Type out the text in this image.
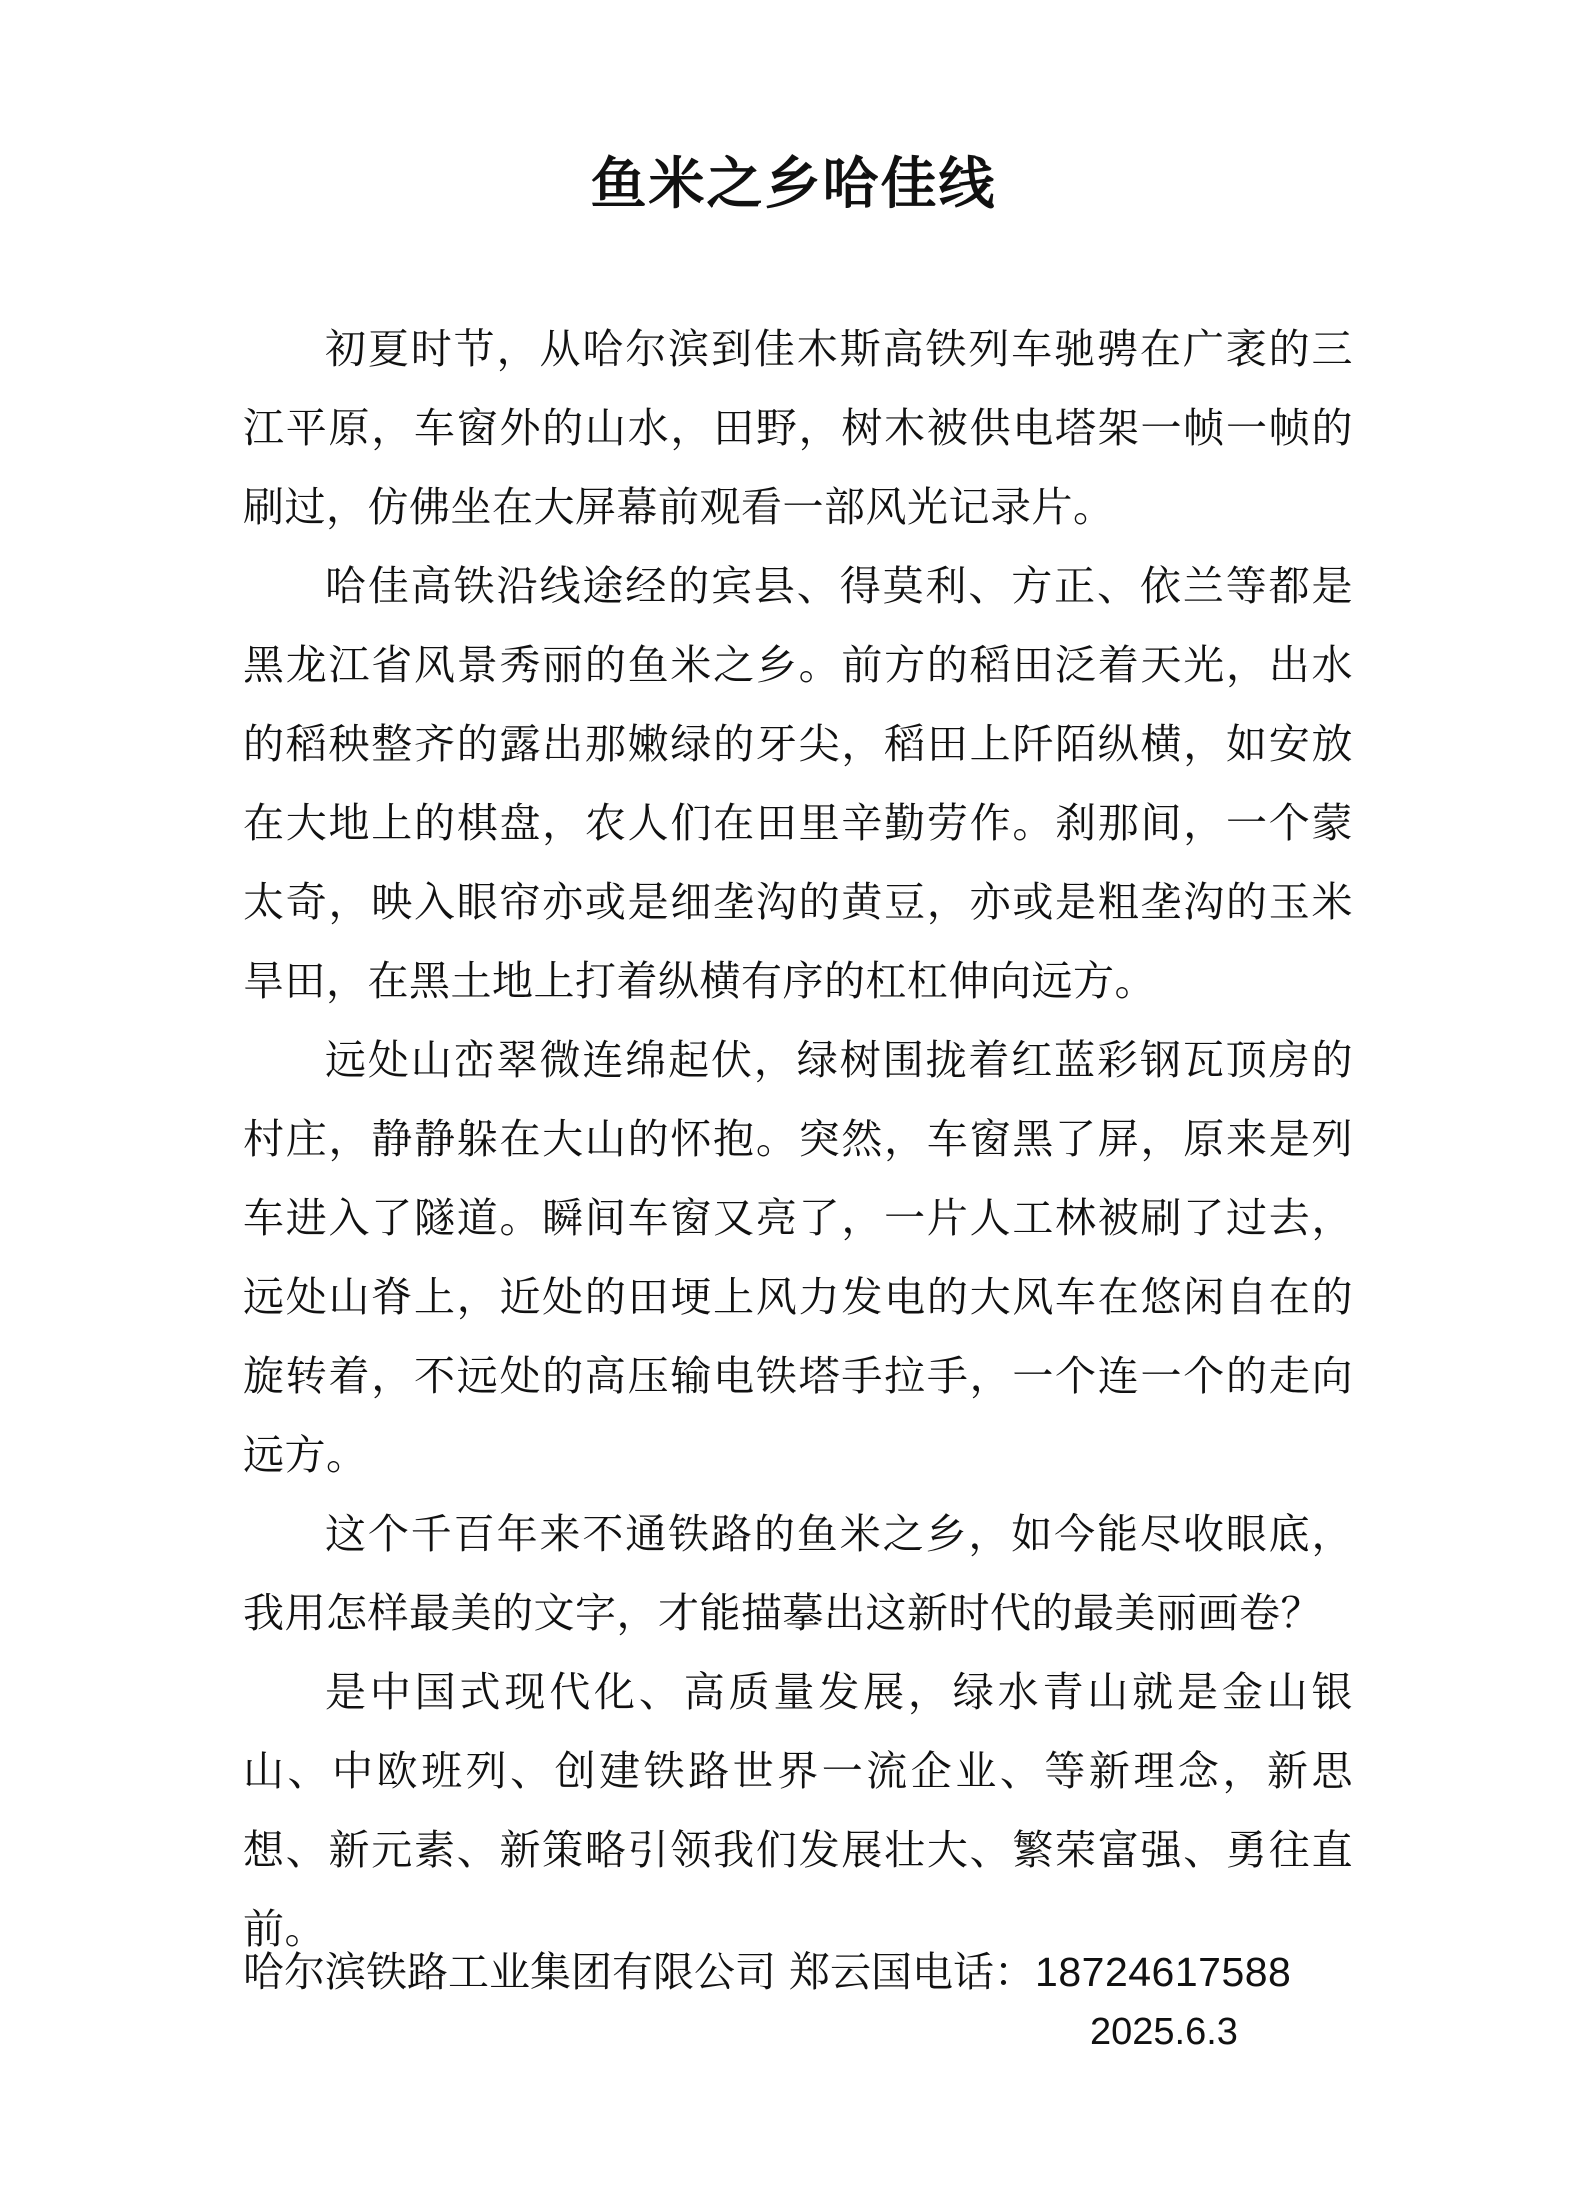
鱼米之乡哈佳线

初夏时节，从哈尔滨到佳木斯高铁列车驰骋在广袤的三江平原，车窗外的山水，田野，树木被供电塔架一帧一帧的刷过，仿佛坐在大屏幕前观看一部风光记录片。

哈佳高铁沿线途经的宾县、得莫利、方正、依兰等都是黑龙江省风景秀丽的鱼米之乡。前方的稻田泛着天光，出水的稻秧整齐的露出那嫩绿的牙尖，稻田上阡陌纵横，如安放在大地上的棋盘，农人们在田里辛勤劳作。刹那间，一个蒙太奇，映入眼帘亦或是细垄沟的黄豆，亦或是粗垄沟的玉米旱田，在黑土地上打着纵横有序的杠杠伸向远方。

远处山峦翠微连绵起伏，绿树围拢着红蓝彩钢瓦顶房的村庄，静静躲在大山的怀抱。突然，车窗黑了屏，原来是列车进入了隧道。瞬间车窗又亮了，一片人工林被刷了过去，远处山脊上，近处的田埂上风力发电的大风车在悠闲自在的旋转着，不远处的高压输电铁塔手拉手，一个连一个的走向远方。

这个千百年来不通铁路的鱼米之乡，如今能尽收眼底，我用怎样最美的文字，才能描摹出这新时代的最美丽画卷？

是中国式现代化、高质量发展，绿水青山就是金山银山、中欧班列、创建铁路世界一流企业、等新理念，新思想、新元素、新策略引领我们发展壮大、繁荣富强、勇往直前。

哈尔滨铁路工业集团有限公司 郑云国电话：18724617588
2025.6.3
